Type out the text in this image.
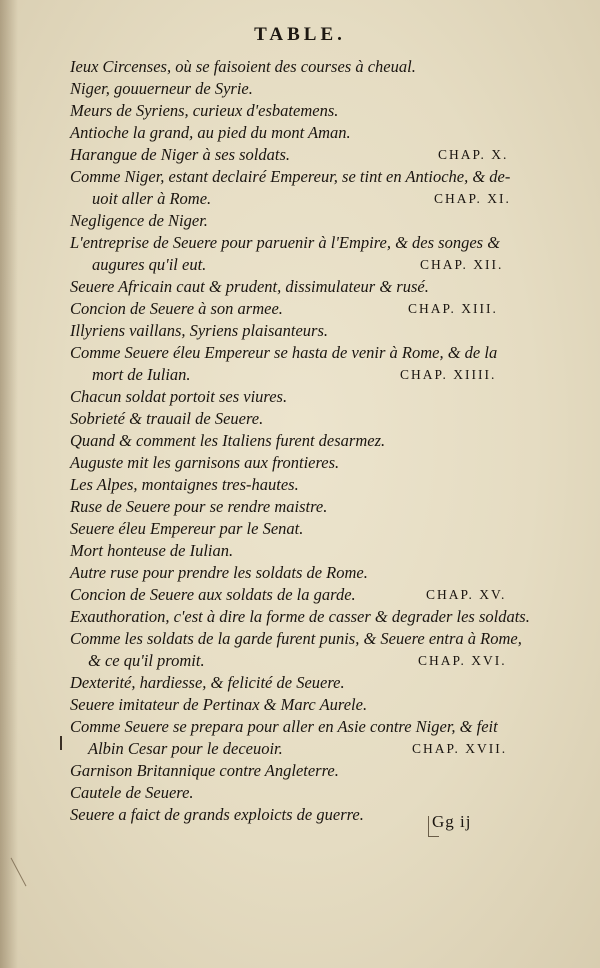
TABLE.
Ieux Circenses, où se faisoient des courses à cheual.
Niger, gouuerneur de Syrie.
Meurs de Syriens, curieux d'esbatemens.
Antioche la grand, au pied du mont Aman.
Harangue de Niger à ses soldats.	CHAP. X.
Comme Niger, estant declairé Empereur, se tint en Antioche, & de-
uoit aller à Rome.	CHAP. XI.
Negligence de Niger.
L'entreprise de Seuere pour paruenir à l'Empire, & des songes &
augures qu'il eut.	CHAP. XII.
Seuere Africain caut & prudent, dissimulateur & rusé.
Concion de Seuere à son armee.	CHAP. XIII.
Illyriens vaillans, Syriens plaisanteurs.
Comme Seuere éleu Empereur se hasta de venir à Rome, & de la
mort de Iulian.	CHAP. XIIII.
Chacun soldat portoit ses viures.
Sobrieté & trauail de Seuere.
Quand & comment les Italiens furent desarmez.
Auguste mit les garnisons aux frontieres.
Les Alpes, montaignes tres-hautes.
Ruse de Seuere pour se rendre maistre.
Seuere éleu Empereur par le Senat.
Mort honteuse de Iulian.
Autre ruse pour prendre les soldats de Rome.
Concion de Seuere aux soldats de la garde.	CHAP. XV.
Exauthoration, c'est à dire la forme de casser & degrader les soldats.
Comme les soldats de la garde furent punis, & Seuere entra à Rome,
& ce qu'il promit.	CHAP. XVI.
Dexterité, hardiesse, & felicité de Seuere.
Seuere imitateur de Pertinax & Marc Aurele.
Comme Seuere se prepara pour aller en Asie contre Niger, & feit
Albin Cesar pour le deceuoir.	CHAP. XVII.
Garnison Britannique contre Angleterre.
Cautele de Seuere.
Seuere a faict de grands exploicts de guerre.	Gg ij
